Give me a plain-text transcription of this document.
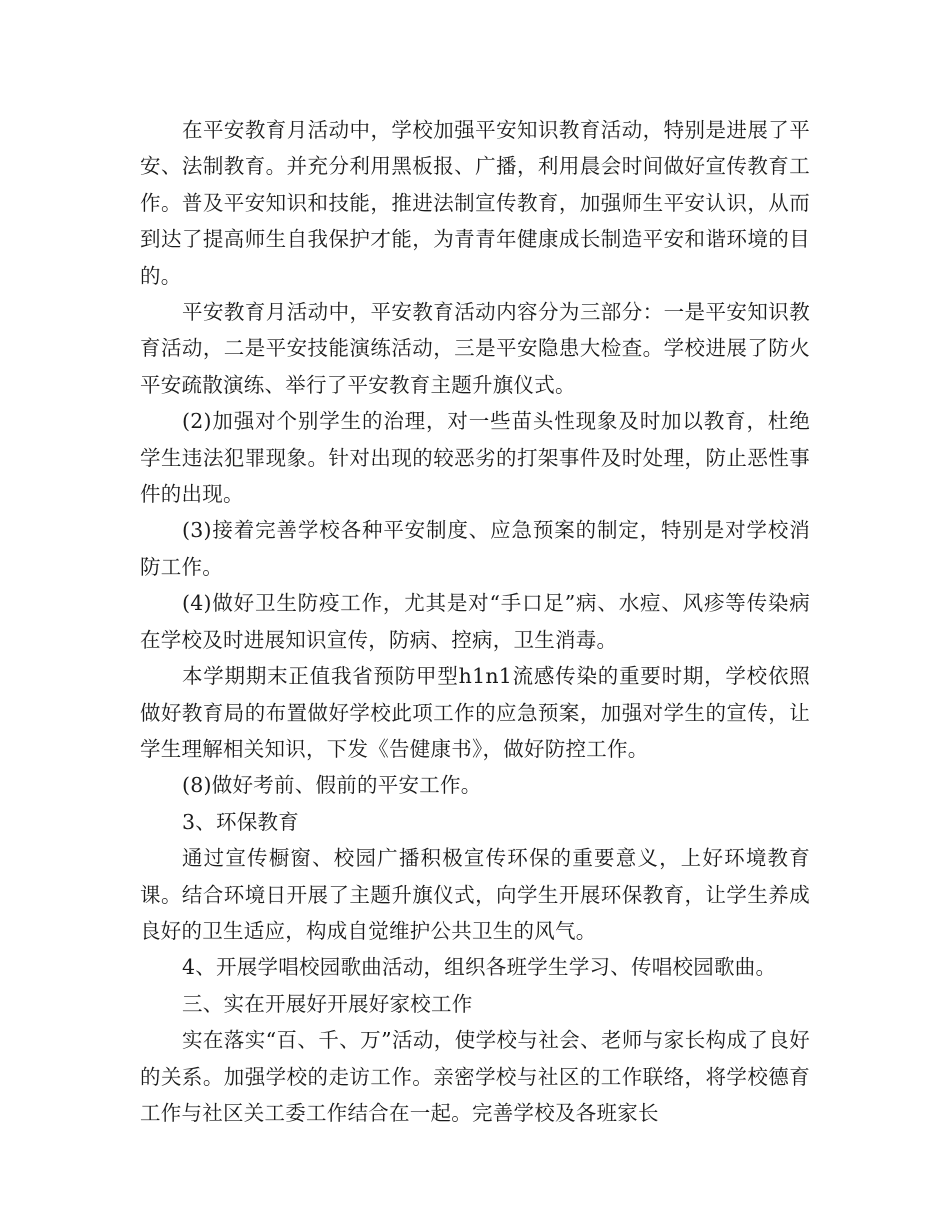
在平安教育月活动中，学校加强平安知识教育活动，特别是进展了平安、法制教育。并充分利用黑板报、广播，利用晨会时间做好宣传教育工作。普及平安知识和技能，推进法制宣传教育，加强师生平安认识，从而到达了提高师生自我保护才能，为青青年健康成长制造平安和谐环境的目的。

平安教育月活动中，平安教育活动内容分为三部分：一是平安知识教育活动，二是平安技能演练活动，三是平安隐患大检查。学校进展了防火平安疏散演练、举行了平安教育主题升旗仪式。

(2)加强对个别学生的治理，对一些苗头性现象及时加以教育，杜绝学生违法犯罪现象。针对出现的较恶劣的打架事件及时处理，防止恶性事件的出现。

(3)接着完善学校各种平安制度、应急预案的制定，特别是对学校消防工作。

(4)做好卫生防疫工作，尤其是对“手口足”病、水痘、风疹等传染病在学校及时进展知识宣传，防病、控病，卫生消毒。

本学期期末正值我省预防甲型h1n1流感传染的重要时期，学校依照做好教育局的布置做好学校此项工作的应急预案，加强对学生的宣传，让学生理解相关知识，下发《告健康书》，做好防控工作。

(8)做好考前、假前的平安工作。

3、环保教育

通过宣传橱窗、校园广播积极宣传环保的重要意义，上好环境教育课。结合环境日开展了主题升旗仪式，向学生开展环保教育，让学生养成良好的卫生适应，构成自觉维护公共卫生的风气。

4、开展学唱校园歌曲活动，组织各班学生学习、传唱校园歌曲。

三、实在开展好开展好家校工作

实在落实“百、千、万”活动，使学校与社会、老师与家长构成了良好的关系。加强学校的走访工作。亲密学校与社区的工作联络，将学校德育工作与社区关工委工作结合在一起。完善学校及各班家长
